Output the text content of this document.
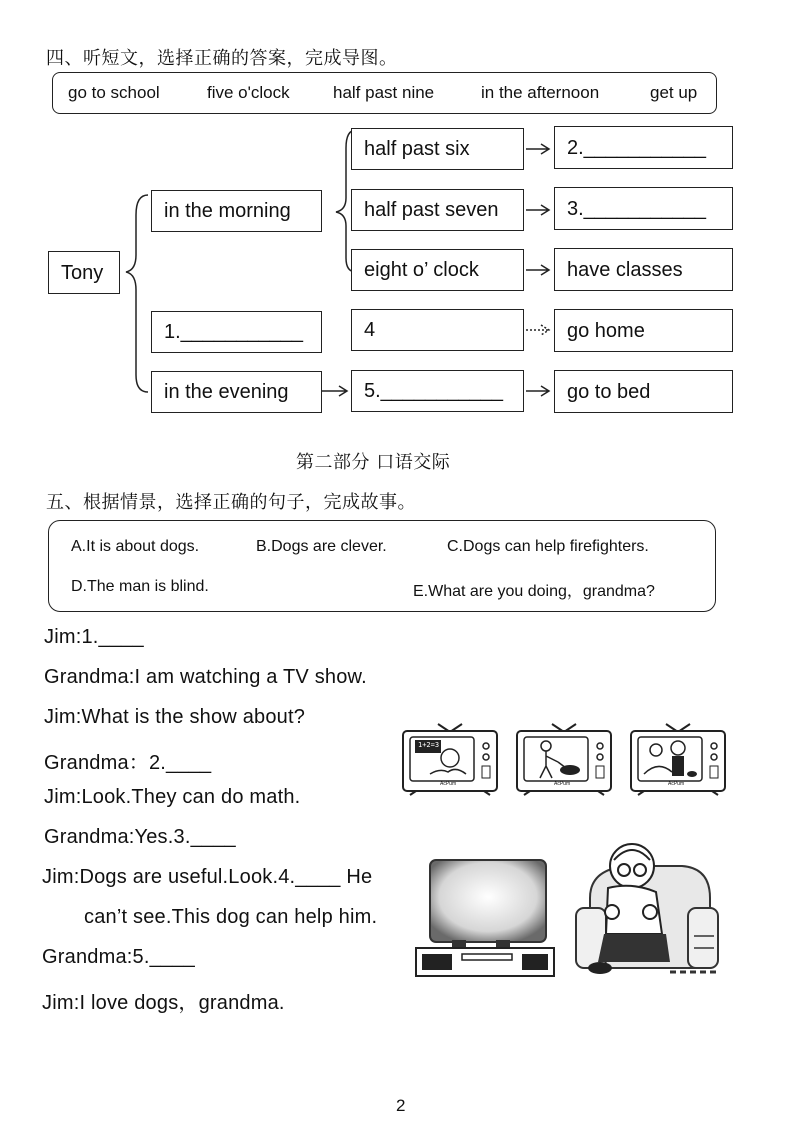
四、听短文，选择正确的答案，完成导图。
go to school	five o'clock	half past nine	in the afternoon	get up
Tony
in the morning
1.___________
in the evening
half past six
half past seven
eight o’ clock
4
5.___________
2.___________
3.___________
have classes
go home
go to bed
第二部分 口语交际
五、根据情景，选择正确的句子，完成故事。
A.It is about dogs.	B.Dogs are clever.	C.Dogs can help firefighters.
D.The man is blind.	E.What are you doing，grandma?
Jim:1.____
Grandma:I am watching a TV show.
Jim:What is the show about?
Grandma：2.____
Jim:Look.They can do math.
Grandma:Yes.3.____
Jim:Dogs are useful.Look.4.____ He
can’t see.This dog can help him.
Grandma:5.____
Jim:I love dogs，grandma.
1+2=3
AcPum	AcPum	AcPum
2
